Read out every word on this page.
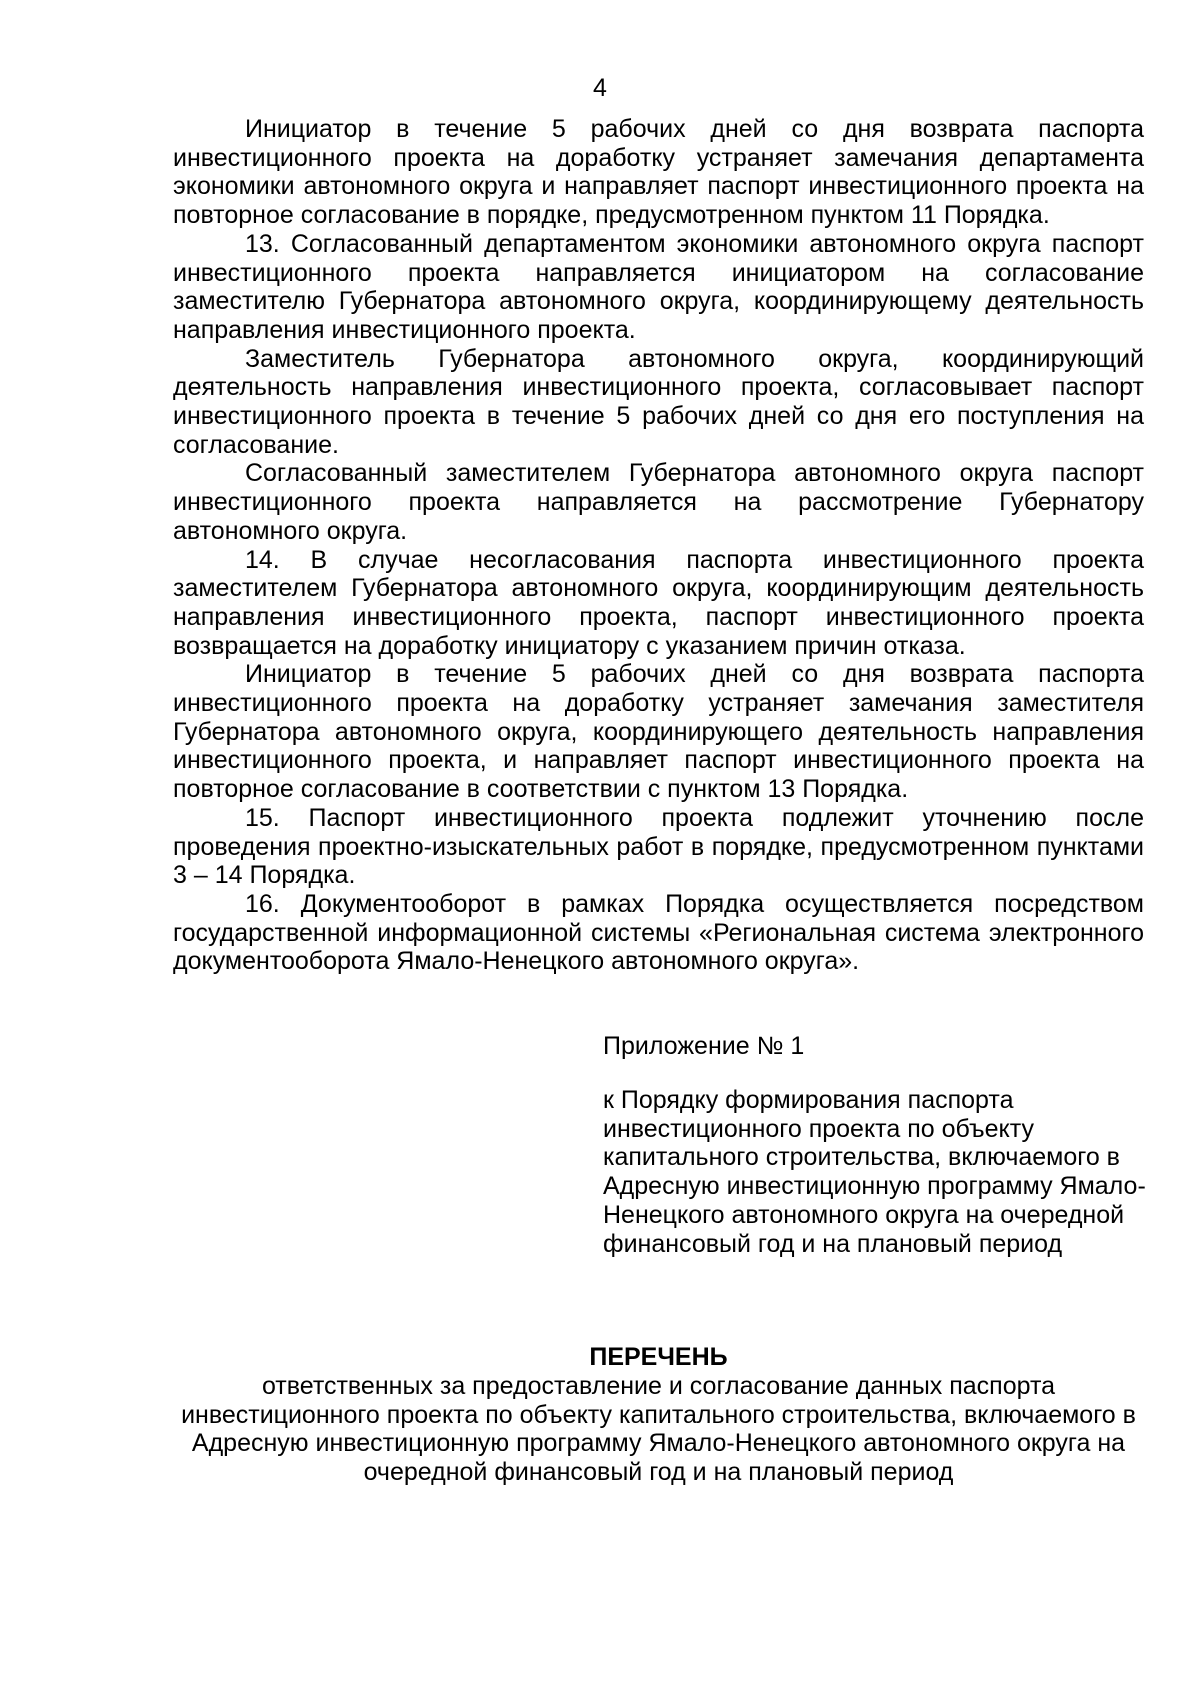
4

Инициатор в течение 5 рабочих дней со дня возврата паспорта инвестиционного проекта на доработку устраняет замечания департамента экономики автономного округа и направляет паспорт инвестиционного проекта на повторное согласование в порядке, предусмотренном пунктом 11 Порядка.

13. Согласованный департаментом экономики автономного округа паспорт инвестиционного проекта направляется инициатором на согласование заместителю Губернатора автономного округа, координирующему деятельность направления инвестиционного проекта.

Заместитель Губернатора автономного округа, координирующий деятельность направления инвестиционного проекта, согласовывает паспорт инвестиционного проекта в течение 5 рабочих дней со дня его поступления на согласование.

Согласованный заместителем Губернатора автономного округа паспорт инвестиционного проекта направляется на рассмотрение Губернатору автономного округа.

14. В случае несогласования паспорта инвестиционного проекта заместителем Губернатора автономного округа, координирующим деятельность направления инвестиционного проекта, паспорт инвестиционного проекта возвращается на доработку инициатору с указанием причин отказа.

Инициатор в течение 5 рабочих дней со дня возврата паспорта инвестиционного проекта на доработку устраняет замечания заместителя Губернатора автономного округа, координирующего деятельность направления инвестиционного проекта, и направляет паспорт инвестиционного проекта на повторное согласование в соответствии с пунктом 13 Порядка.

15. Паспорт инвестиционного проекта подлежит уточнению после проведения проектно-изыскательных работ в порядке, предусмотренном пунктами 3 – 14 Порядка.

16. Документооборот в рамках Порядка осуществляется посредством государственной информационной системы «Региональная система электронного документооборота Ямало-Ненецкого автономного округа».

Приложение № 1

к Порядку формирования паспорта инвестиционного проекта по объекту капитального строительства, включаемого в Адресную инвестиционную программу Ямало-Ненецкого автономного округа на очередной финансовый год и на плановый период

ПЕРЕЧЕНЬ

ответственных за предоставление и согласование данных паспорта инвестиционного проекта по объекту капитального строительства, включаемого в Адресную инвестиционную программу Ямало-Ненецкого автономного округа на очередной финансовый год и на плановый период
